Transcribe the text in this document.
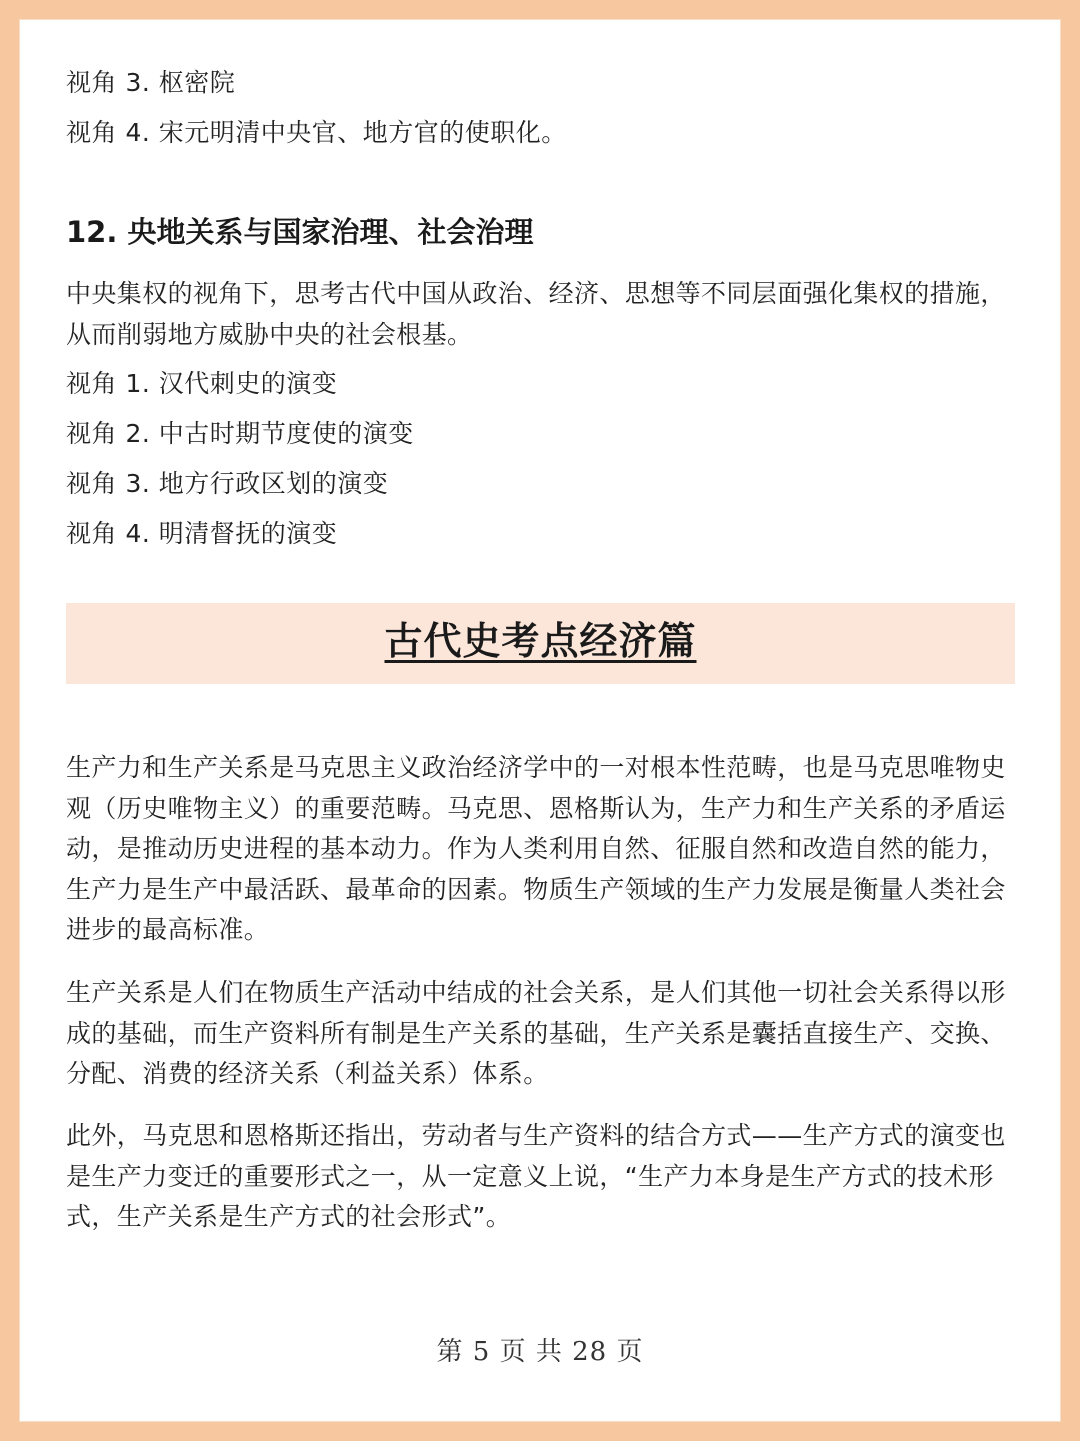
视角 3. 枢密院
视角 4. 宋元明清中央官、地方官的使职化。
12. 央地关系与国家治理、社会治理
中央集权的视角下，思考古代中国从政治、经济、思想等不同层面强化集权的措施，从而削弱地方威胁中央的社会根基。
视角 1. 汉代刺史的演变
视角 2. 中古时期节度使的演变
视角 3. 地方行政区划的演变
视角 4. 明清督抚的演变
生产力和生产关系是马克思主义政治经济学中的一对根本性范畴，也是马克思唯物史观（历史唯物主义）的重要范畴。马克思、恩格斯认为，生产力和生产关系的矛盾运动，是推动历史进程的基本动力。作为人类利用自然、征服自然和改造自然的能力，生产力是生产中最活跃、最革命的因素。物质生产领域的生产力发展是衡量人类社会进步的最高标准。
生产关系是人们在物质生产活动中结成的社会关系，是人们其他一切社会关系得以形成的基础，而生产资料所有制是生产关系的基础，生产关系是囊括直接生产、交换、分配、消费的经济关系（利益关系）体系。
此外，马克思和恩格斯还指出，劳动者与生产资料的结合方式——生产方式的演变也是生产力变迁的重要形式之一，从一定意义上说，“生产力本身是生产方式的技术形式，生产关系是生产方式的社会形式”。
古代史考点经济篇
第 5 页 共 28 页
